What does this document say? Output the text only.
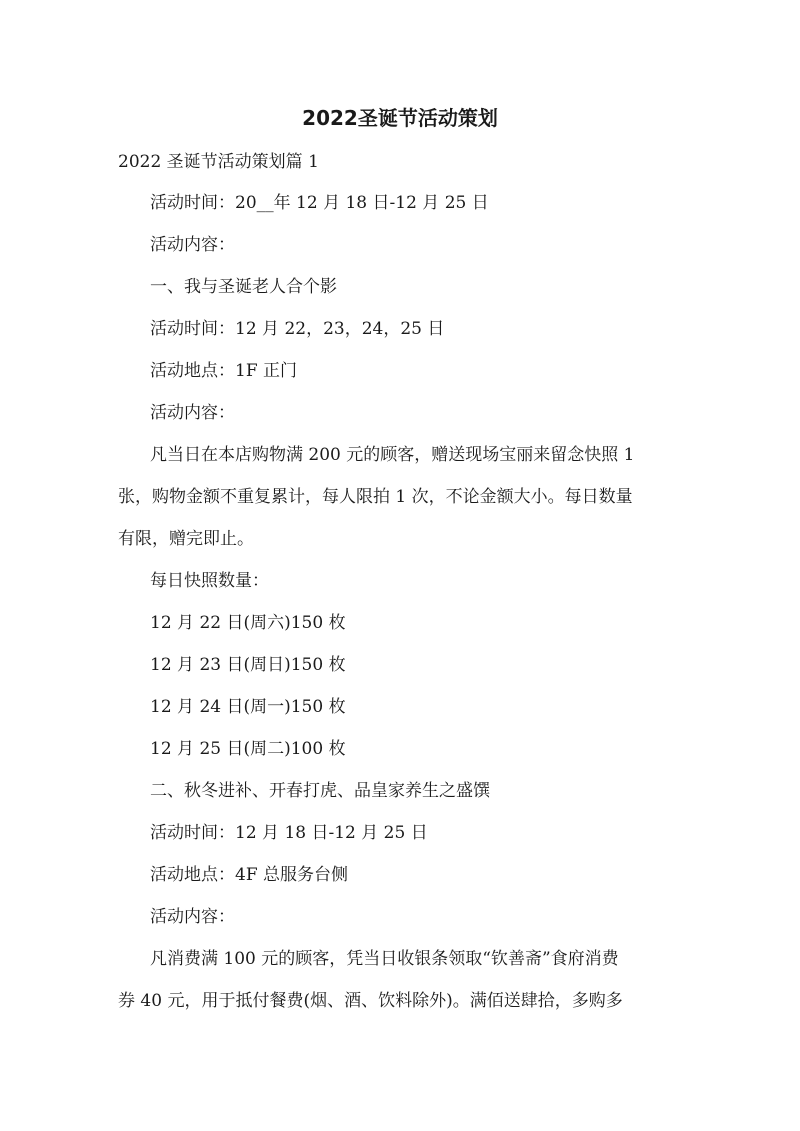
2022圣诞节活动策划

2022 圣诞节活动策划篇 1

活动时间：20__年 12 月 18 日-12 月 25 日

活动内容：

一、我与圣诞老人合个影

活动时间：12 月 22，23，24，25 日

活动地点：1F 正门

活动内容：

凡当日在本店购物满 200 元的顾客，赠送现场宝丽来留念快照 1

张，购物金额不重复累计，每人限拍 1 次，不论金额大小。每日数量

有限，赠完即止。

每日快照数量：

12 月 22 日(周六)150 枚

12 月 23 日(周日)150 枚

12 月 24 日(周一)150 枚

12 月 25 日(周二)100 枚

二、秋冬进补、开春打虎、品皇家养生之盛馔

活动时间：12 月 18 日-12 月 25 日

活动地点：4F 总服务台侧

活动内容：

凡消费满 100 元的顾客，凭当日收银条领取“钦善斋”食府消费

券 40 元，用于抵付餐费(烟、酒、饮料除外)。满佰送肆拾，多购多
